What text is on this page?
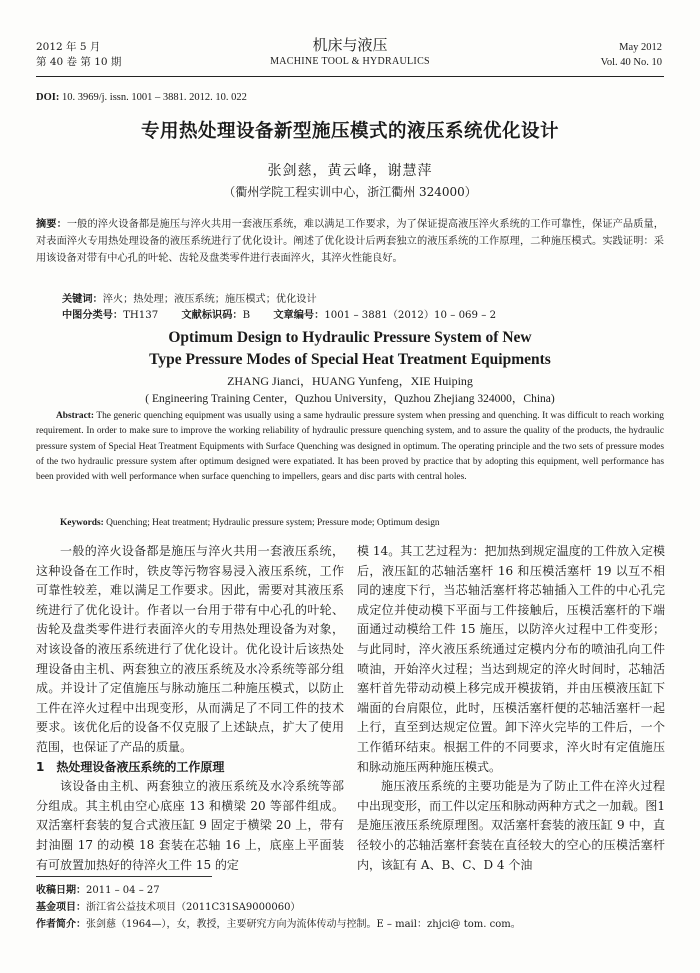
2012 年 5 月
第 40 卷 第 10 期
机床与液压
MACHINE TOOL & HYDRAULICS
May 2012
Vol. 40 No. 10
DOI: 10. 3969/j. issn. 1001 – 3881. 2012. 10. 022
专用热处理设备新型施压模式的液压系统优化设计
张剑慈，黄云峰，谢慧萍
（衢州学院工程实训中心，浙江衢州 324000）
摘要：一般的淬火设备都是施压与淬火共用一套液压系统，难以满足工作要求，为了保证提高液压淬火系统的工作可靠性，保证产品质量，对表面淬火专用热处理设备的液压系统进行了优化设计。阐述了优化设计后两套独立的液压系统的工作原理，二种施压模式。实践证明：采用该设备对带有中心孔的叶轮、齿轮及盘类零件进行表面淬火，其淬火性能良好。
关键词：淬火；热处理；液压系统；施压模式；优化设计
中图分类号：TH137 文献标识码：B 文章编号：1001 – 3881（2012）10 – 069 – 2
Optimum Design to Hydraulic Pressure System of New
Type Pressure Modes of Special Heat Treatment Equipments
ZHANG Jianci，HUANG Yunfeng，XIE Huiping
( Engineering Training Center，Quzhou University，Quzhou Zhejiang 324000，China)
Abstract: The generic quenching equipment was usually using a same hydraulic pressure system when pressing and quenching. It was difficult to reach working requirement. In order to make sure to improve the working reliability of hydraulic pressure quenching system, and to assure the quality of the products, the hydraulic pressure system of Special Heat Treatment Equipments with Surface Quenching was designed in optimum. The operating principle and the two sets of pressure modes of the two hydraulic pressure system after optimum designed were expatiated. It has been proved by practice that by adopting this equipment, well performance has been provided with well performance when surface quenching to impellers, gears and disc parts with central holes.
Keywords: Quenching; Heat treatment; Hydraulic pressure system; Pressure mode; Optimum design

一般的淬火设备都是施压与淬火共用一套液压系统，这种设备在工作时，铁皮等污物容易浸入液压系统，工作可靠性较差，难以满足工作要求。因此，需要对其液压系统进行了优化设计。作者以一台用于带有中心孔的叶轮、齿轮及盘类零件进行表面淬火的专用热处理设备为对象，对该设备的液压系统进行了优化设计。优化设计后该热处理设备由主机、两套独立的液压系统及水冷系统等部分组成。并设计了定值施压与脉动施压二种施压模式，以防止工件在淬火过程中出现变形，从而满足了不同工件的技术要求。该优化后的设备不仅克服了上述缺点，扩大了使用范围，也保证了产品的质量。

1 热处理设备液压系统的工作原理

该设备由主机、两套独立的液压系统及水冷系统等部分组成。其主机由空心底座 13 和横梁 20 等部件组成。双活塞杆套装的复合式液压缸 9 固定于横梁 20 上，带有封油圈 17 的动模 18 套装在芯轴 16 上，底座上平面装有可放置加热好的待淬火工件 15 的定

模 14。其工艺过程为：把加热到规定温度的工件放入定模后，液压缸的芯轴活塞杆 16 和压模活塞杆 19 以互不相同的速度下行，当芯轴活塞杆将芯轴插入工件的中心孔完成定位并使动模下平面与工件接触后，压模活塞杆的下端面通过动模给工件 15 施压，以防淬火过程中工件变形；与此同时，淬火液压系统通过定模内分布的喷油孔向工件喷油，开始淬火过程；当达到规定的淬火时间时，芯轴活塞杆首先带动动模上移完成开模拔销，并由压模液压缸下端面的台肩限位，此时，压模活塞杆便的芯轴活塞杆一起上行，直至到达规定位置。卸下淬火完毕的工件后，一个工作循环结束。根据工件的不同要求，淬火时有定值施压和脉动施压两种施压模式。

施压液压系统的主要功能是为了防止工件在淬火过程中出现变形，而工件以定压和脉动两种方式之一加载。图1 是施压液压系统原理图。双活塞杆套装的液压缸 9 中，直径较小的芯轴活塞杆套装在直径较大的空心的压模活塞杆内，该缸有 A、B、C、D 4 个油

收稿日期：2011 – 04 – 27
基金项目：浙江省公益技术项目（2011C31SA9000060）
作者简介：张剑慈（1964—），女，教授，主要研究方向为流体传动与控制。E – mail：zhjci@ tom. com。
